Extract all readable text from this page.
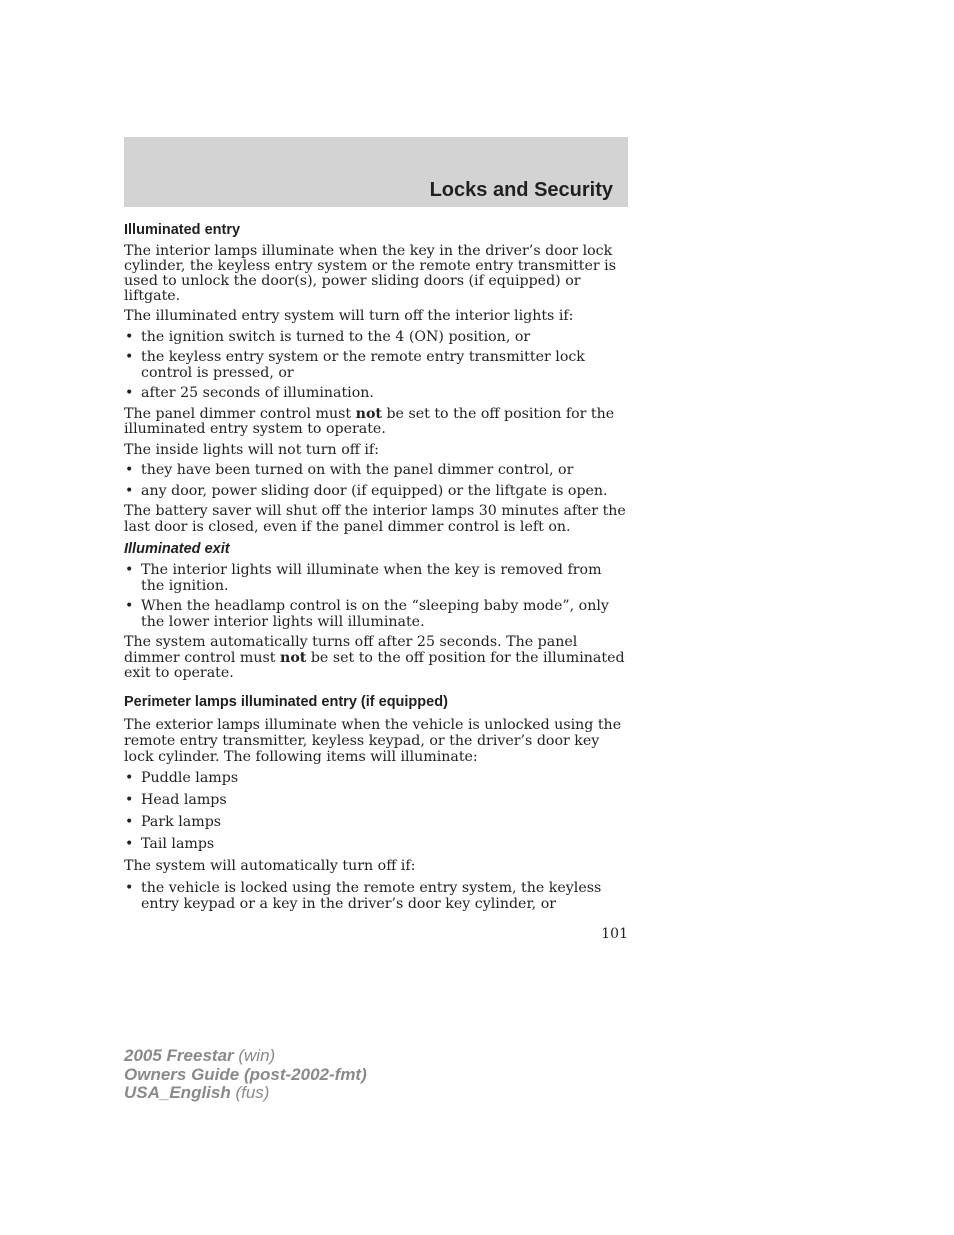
Locks and Security
Illuminated entry

The interior lamps illuminate when the key in the driver’s door lock cylinder, the keyless entry system or the remote entry transmitter is used to unlock the door(s), power sliding doors (if equipped) or liftgate.

The illuminated entry system will turn off the interior lights if:

• the ignition switch is turned to the 4 (ON) position, or
• the keyless entry system or the remote entry transmitter lock control is pressed, or
• after 25 seconds of illumination.

The panel dimmer control must not be set to the off position for the illuminated entry system to operate.

The inside lights will not turn off if:

• they have been turned on with the panel dimmer control, or
• any door, power sliding door (if equipped) or the liftgate is open.

The battery saver will shut off the interior lamps 30 minutes after the last door is closed, even if the panel dimmer control is left on.

Illuminated exit
• The interior lights will illuminate when the key is removed from the ignition.
• When the headlamp control is on the “sleeping baby mode”, only the lower interior lights will illuminate.

The system automatically turns off after 25 seconds. The panel dimmer control must not be set to the off position for the illuminated exit to operate.

Perimeter lamps illuminated entry (if equipped)

The exterior lamps illuminate when the vehicle is unlocked using the remote entry transmitter, keyless keypad, or the driver’s door key lock cylinder. The following items will illuminate:

• Puddle lamps
• Head lamps
• Park lamps
• Tail lamps

The system will automatically turn off if:

• the vehicle is locked using the remote entry system, the keyless entry keypad or a key in the driver’s door key cylinder, or
101
2005 Freestar (win)
Owners Guide (post-2002-fmt)
USA_English (fus)
